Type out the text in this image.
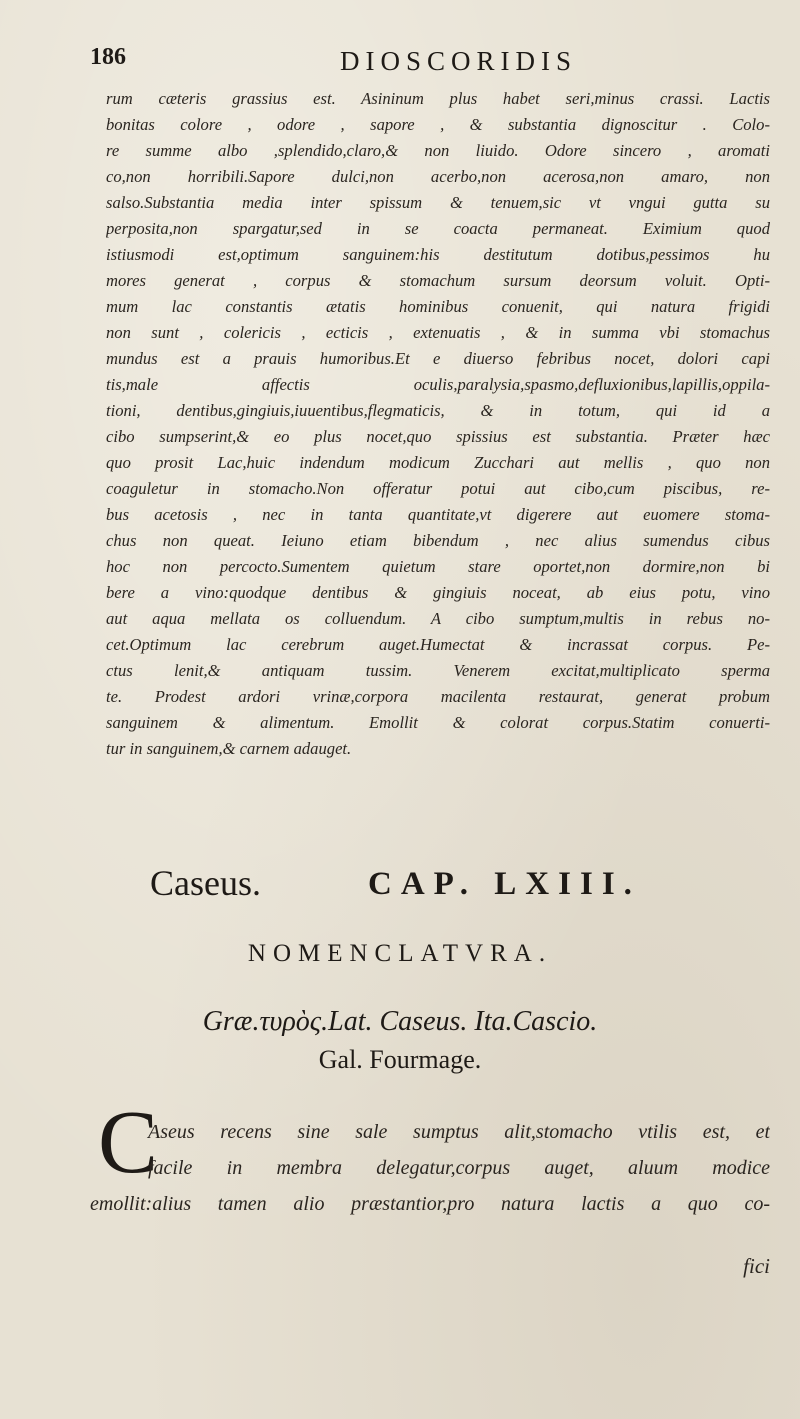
186	DIOSCORIDIS
rum cæteris grassius est. Asininum plus habet seri,minus crassi. Lactis
bonitas colore , odore , sapore , & substantia dignoscitur . Colo-
re summe albo ,splendido,claro,& non liuido. Odore sincero , aromati
co,non horribili.Sapore dulci,non acerbo,non acerosa,non amaro, non
salso.Substantia media inter spissum & tenuem,sic vt vngui gutta su
perposita,non spargatur,sed in se coacta permaneat. Eximium quod
istiusmodi est,optimum sanguinem:his destitutum dotibus,pessimos hu
mores generat , corpus & stomachum sursum deorsum voluit. Opti-
mum lac constantis ætatis hominibus conuenit, qui natura frigidi
non sunt , colericis , ecticis , extenuatis , & in summa vbi stomachus
mundus est a prauis humoribus.Et e diuerso febribus nocet, dolori capi
tis,male affectis oculis,paralysia,spasmo,defluxionibus,lapillis,oppila-
tioni, dentibus,gingiuis,iuuentibus,flegmaticis, & in totum, qui id a
cibo sumpserint,& eo plus nocet,quo spissius est substantia. Præter hæc
quo prosit Lac,huic indendum modicum Zucchari aut mellis , quo non
coaguletur in stomacho.Non offeratur potui aut cibo,cum piscibus, re-
bus acetosis , nec in tanta quantitate,vt digerere aut euomere stoma-
chus non queat. Ieiuno etiam bibendum , nec alius sumendus cibus
hoc non percocto.Sumentem quietum stare oportet,non dormire,non bi
bere a vino:quodque dentibus & gingiuis noceat, ab eius potu, vino
aut aqua mellata os colluendum. A cibo sumptum,multis in rebus no-
cet.Optimum lac cerebrum auget.Humectat & incrassat corpus. Pe-
ctus lenit,& antiquam tussim. Venerem excitat,multiplicato sperma
te. Prodest ardori vrinæ,corpora macilenta restaurat, generat probum
sanguinem & alimentum. Emollit & colorat corpus.Statim conuerti-
tur in sanguinem,& carnem adauget.
Caseus.	CAP. LXIII.
NOMENCLATVRA.
Græ.τυρὸς.Lat. Caseus. Ita.Cascio.
Gal. Fourmage.
C
Aseus recens sine sale sumptus alit,stomacho vtilis est, et
facile in membra delegatur,corpus auget, aluum modice
emollit:alius tamen alio præstantior,pro natura lactis a quo co-
fici
